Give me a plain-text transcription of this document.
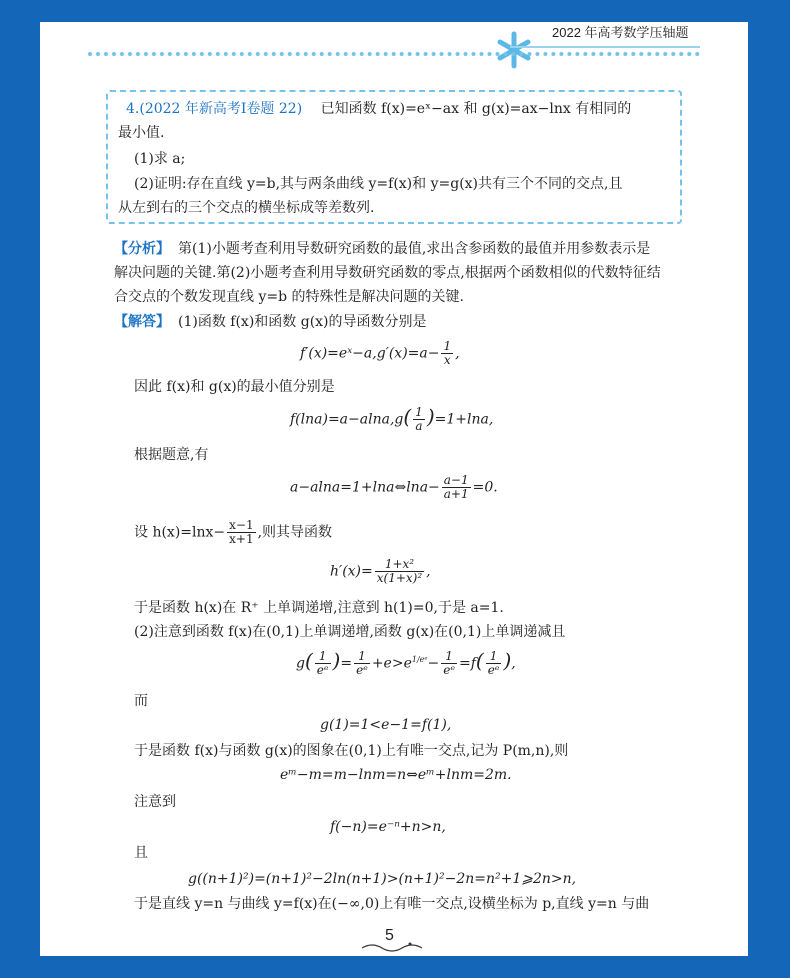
2022 年高考数学压轴题
4.(2022 年新高考Ⅰ卷题 22) 已知函数 f(x)=eˣ−ax 和 g(x)=ax−lnx 有相同的
最小值.
(1)求 a;
(2)证明:存在直线 y=b,其与两条曲线 y=f(x)和 y=g(x)共有三个不同的交点,且
从左到右的三个交点的横坐标成等差数列.
【分析】 第(1)小题考查利用导数研究函数的最值,求出含参函数的最值并用参数表示是
解决问题的关键.第(2)小题考查利用导数研究函数的零点,根据两个函数相似的代数特征结
合交点的个数发现直线 y=b 的特殊性是解决问题的关键.
【解答】 (1)函数 f(x)和函数 g(x)的导函数分别是
f′(x)=eˣ−a,g′(x)=a− $\frac{1}{x}$ ,
因此 f(x)和 g(x)的最小值分别是
$f(\ln a)=a-alna,g( \frac{1}{a} )=1+\ln a$,
根据题意,有
a−alna=1+lna⇔lna− $\frac{a-1}{a+1} =0$.
设 $h(x)=\ln x- \frac{x-1}{x+1}$ ,则其导函数
$h'(x)= \frac{\text{1+x²}}{\text{x(1+x)²}}$ ,
于是函数 h(x)在 R⁺ 上单调递增,注意到 h(1)=0,于是 a=1.
(2)注意到函数 f(x)在(0,1)上单调递增,函数 g(x)在(0,1)上单调递减且
$g( \frac{1}{\text{eᵉ}}$ )= $\frac{1}{\text{eᵉ}} +e>e^{1/eᵉ}- \frac{1}{\text{eᵉ}} =f( \frac{1}{\text{eᵉ}}$ ),
而
g(1)=1<e−1=f(1),
于是函数 f(x)与函数 g(x)的图象在(0,1)上有唯一交点,记为 P(m,n),则
eᵐ−m=m−lnm=n⇔eᵐ+lnm=2m.
注意到
f(−n)=e⁻ⁿ+n>n,
且
g((n+1)²)=(n+1)²−2ln(n+1)>(n+1)²−2n=n²+1⩾2n>n,
于是直线 y=n 与曲线 y=f(x)在(−∞,0)上有唯一交点,设横坐标为 p,直线 y=n 与曲
5
